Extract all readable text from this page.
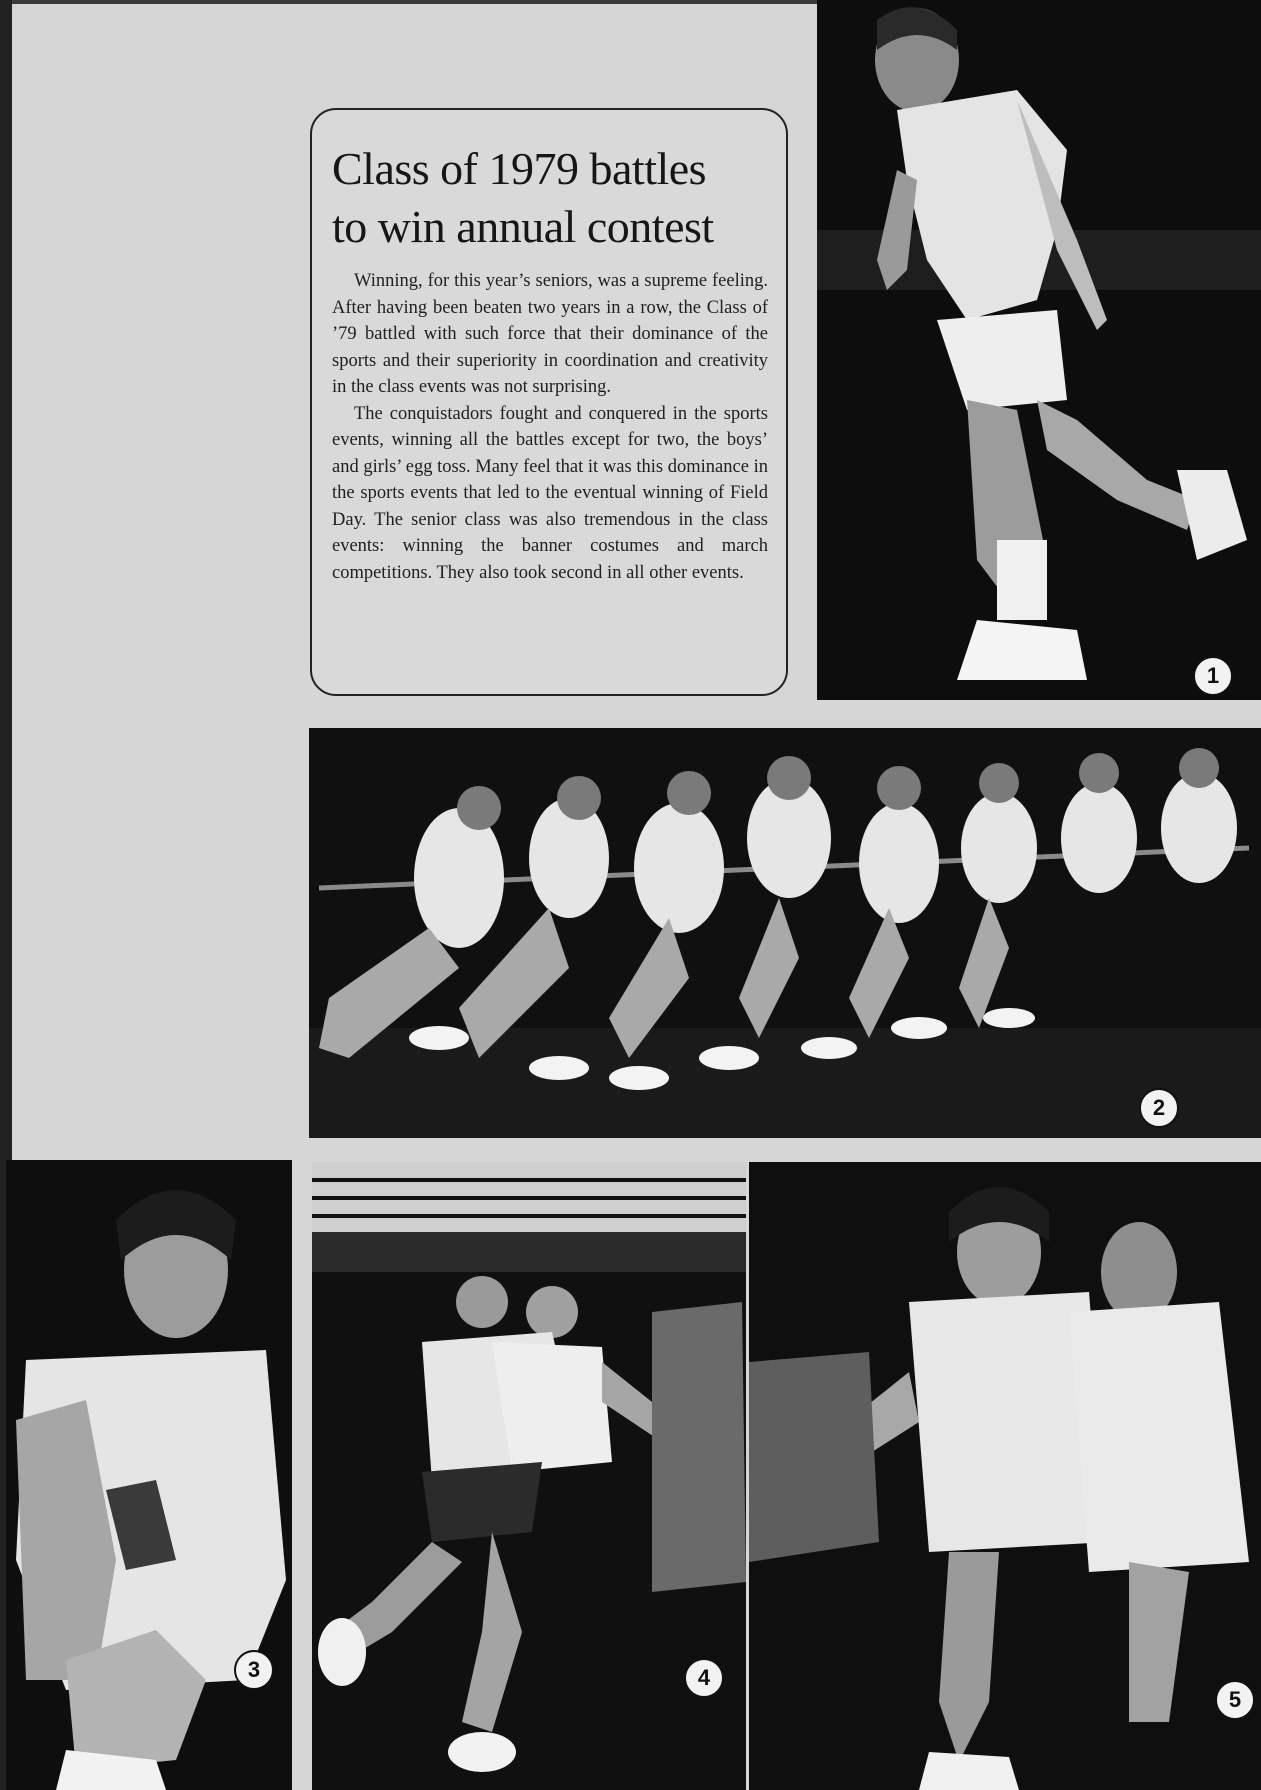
Class of 1979 battles
to win annual contest

Winning, for this year’s seniors, was a supreme feeling. After having been beaten two years in a row, the Class of ’79 battled with such force that their dominance of the sports and their superiority in coordination and creativity in the class events was not surprising.

The conquistadors fought and conquered in the sports events, winning all the battles except for two, the boys’ and girls’ egg toss. Many feel that it was this dominance in the sports events that led to the eventual winning of Field Day. The senior class was also tremendous in the class events: winning the banner costumes and march competitions. They also took second in all other events.

1
2
3	4
5
